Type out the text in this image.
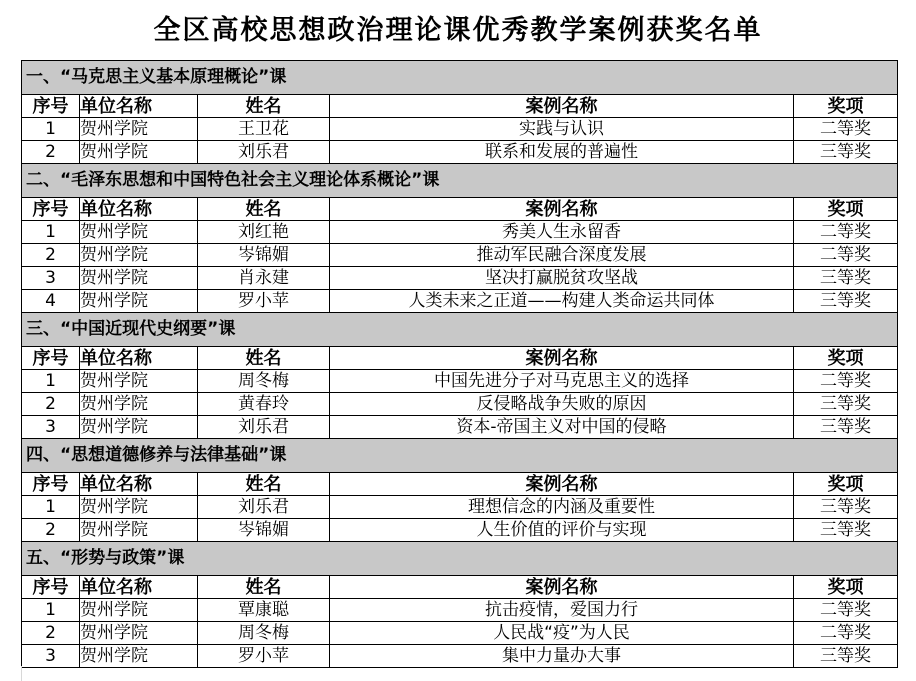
全区高校思想政治理论课优秀教学案例获奖名单
一、“马克思主义基本原理概论”课				
序号	单位名称	姓名	案例名称	奖项
1	贺州学院	王卫花	实践与认识	二等奖
2	贺州学院	刘乐君	联系和发展的普遍性	三等奖
二、“毛泽东思想和中国特色社会主义理论体系概论”课				
序号	单位名称	姓名	案例名称	奖项
1	贺州学院	刘红艳	秀美人生永留香	二等奖
2	贺州学院	岑锦媚	推动军民融合深度发展	二等奖
3	贺州学院	肖永建	坚决打赢脱贫攻坚战	三等奖
4	贺州学院	罗小苹	人类未来之正道——构建人类命运共同体	三等奖
三、“中国近现代史纲要”课				
序号	单位名称	姓名	案例名称	奖项
1	贺州学院	周冬梅	中国先进分子对马克思主义的选择	二等奖
2	贺州学院	黄春玲	反侵略战争失败的原因	三等奖
3	贺州学院	刘乐君	资本-帝国主义对中国的侵略	三等奖
四、“思想道德修养与法律基础”课				
序号	单位名称	姓名	案例名称	奖项
1	贺州学院	刘乐君	理想信念的内涵及重要性	三等奖
2	贺州学院	岑锦媚	人生价值的评价与实现	三等奖
五、“形势与政策”课				
序号	单位名称	姓名	案例名称	奖项
1	贺州学院	覃康聪	抗击疫情，爱国力行	二等奖
2	贺州学院	周冬梅	人民战“疫”为人民	二等奖
3	贺州学院	罗小苹	集中力量办大事	三等奖
